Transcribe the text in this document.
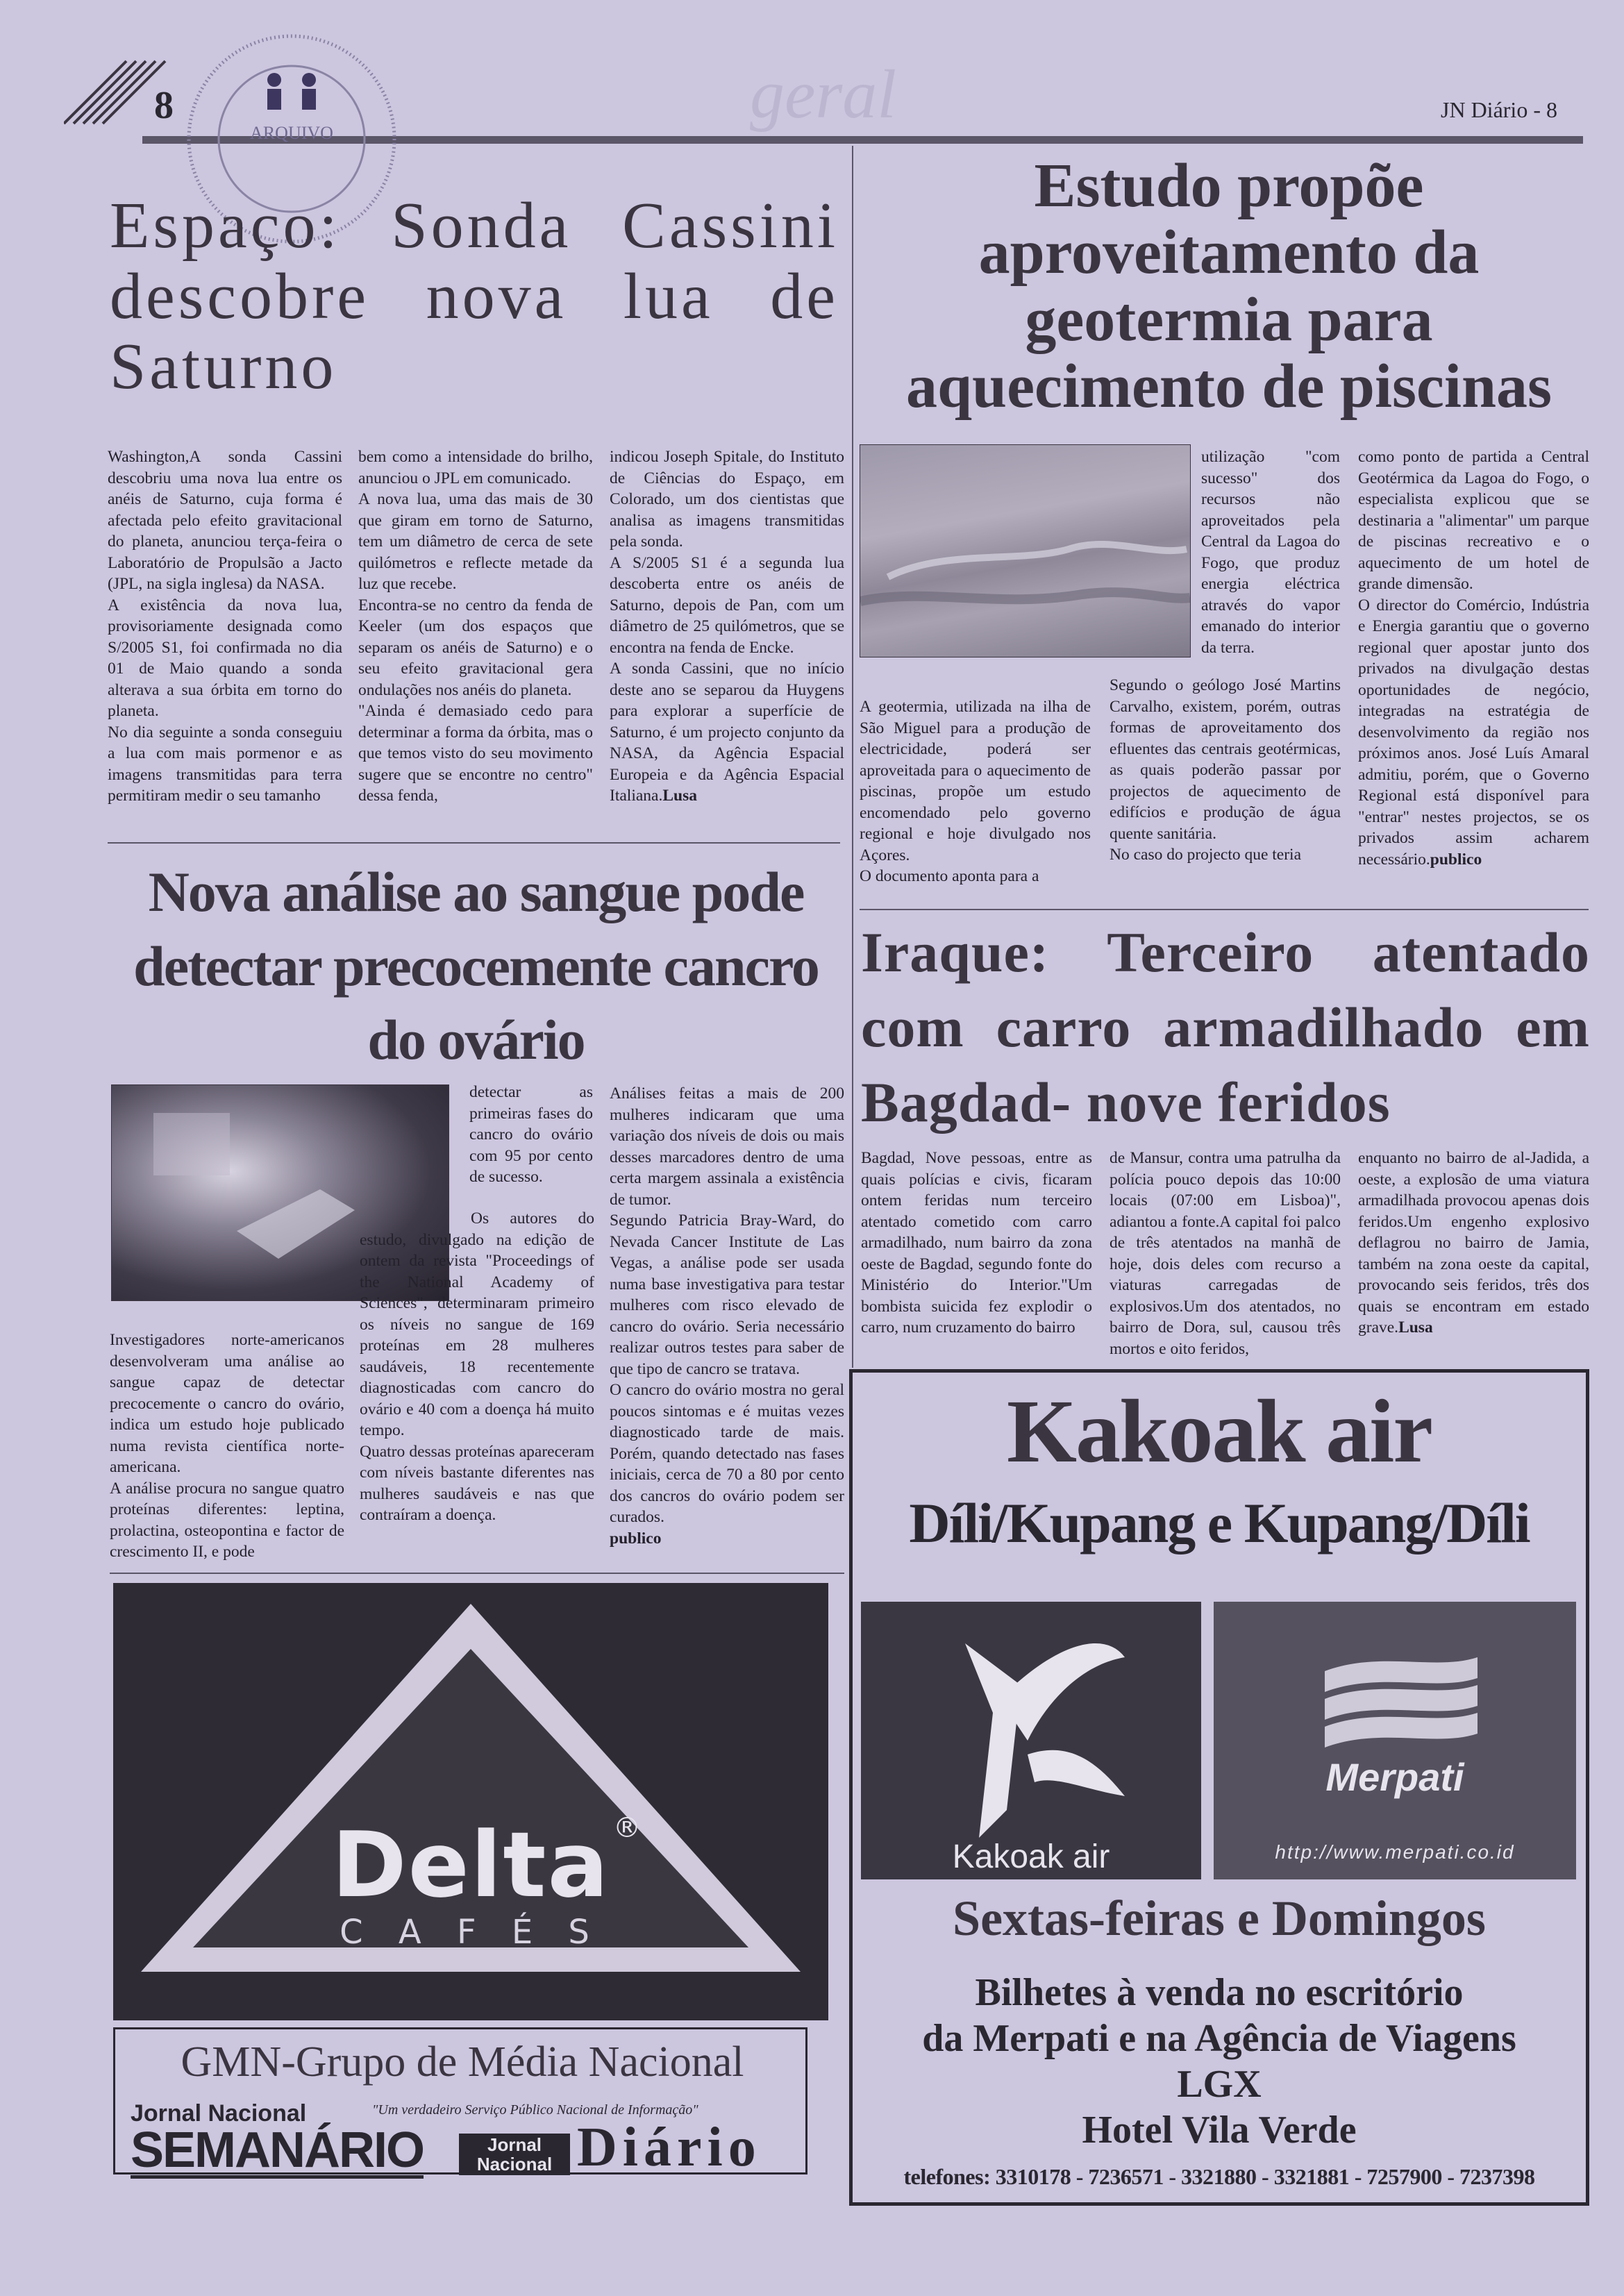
8	geral	JN Diário - 8
ARQUIVO
Espaço: Sonda Cassini descobre nova lua de Saturno

Washington,A sonda Cassini descobriu uma nova lua entre os anéis de Saturno, cuja forma é afectada pelo efeito gravitacional do planeta, anunciou terça-feira o Laboratório de Propulsão a Jacto (JPL, na sigla inglesa) da NASA.

A existência da nova lua, provisoriamente designada como S/2005 S1, foi confirmada no dia 01 de Maio quando a sonda alterava a sua órbita em torno do planeta.

No dia seguinte a sonda conseguiu a lua com mais pormenor e as imagens transmitidas para terra permitiram medir o seu tamanho

bem como a intensidade do brilho, anunciou o JPL em comunicado.

A nova lua, uma das mais de 30 que giram em torno de Saturno, tem um diâmetro de cerca de sete quilómetros e reflecte metade da luz que recebe.

Encontra-se no centro da fenda de Keeler (um dos espaços que separam os anéis de Saturno) e o seu efeito gravitacional gera ondulações nos anéis do planeta.

"Ainda é demasiado cedo para determinar a forma da órbita, mas o que temos visto do seu movimento sugere que se encontre no centro" dessa fenda,

indicou Joseph Spitale, do Instituto de Ciências do Espaço, em Colorado, um dos cientistas que analisa as imagens transmitidas pela sonda.

A S/2005 S1 é a segunda lua descoberta entre os anéis de Saturno, depois de Pan, com um diâmetro de 25 quilómetros, que se encontra na fenda de Encke.

A sonda Cassini, que no início deste ano se separou da Huygens para explorar a superfície de Saturno, é um projecto conjunto da NASA, da Agência Espacial Europeia e da Agência Espacial Italiana.Lusa

Estudo propõe aproveitamento da geotermia para aquecimento de piscinas

A geotermia, utilizada na ilha de São Miguel para a produção de electricidade, poderá ser aproveitada para o aquecimento de piscinas, propõe um estudo encomendado pelo governo regional e hoje divulgado nos Açores.

O documento aponta para a

utilização "com sucesso" dos recursos não aproveitados pela Central da Lagoa do Fogo, que produz energia eléctrica através do vapor emanado do interior da terra.

Segundo o geólogo José Martins Carvalho, existem, porém, outras formas de aproveitamento dos efluentes das centrais geotérmicas, as quais poderão passar por projectos de aquecimento de edifícios e produção de água quente sanitária.

No caso do projecto que teria

como ponto de partida a Central Geotérmica da Lagoa do Fogo, o especialista explicou que se destinaria a "alimentar" um parque de piscinas recreativo e o aquecimento de um hotel de grande dimensão.

O director do Comércio, Indústria e Energia garantiu que o governo regional quer apostar junto dos privados na divulgação destas oportunidades de negócio, integradas na estratégia de desenvolvimento da região nos próximos anos. José Luís Amaral admitiu, porém, que o Governo Regional está disponível para "entrar" nestes projectos, se os privados assim acharem necessário.publico

Nova análise ao sangue pode detectar precocemente cancro do ovário

Investigadores norte-americanos desenvolveram uma análise ao sangue capaz de detectar precocemente o cancro do ovário, indica um estudo hoje publicado numa revista científica norte-americana.

A análise procura no sangue quatro proteínas diferentes: leptina, prolactina, osteopontina e factor de crescimento II, e pode

detectar as primeiras fases do cancro do ovário com 95 por cento de sucesso.

Os autores do estudo, divulgado na edição de ontem da revista "Proceedings of the National Academy of Sciences", determinaram primeiro os níveis no sangue de 169 proteínas em 28 mulheres saudáveis, 18 recentemente diagnosticadas com cancro do ovário e 40 com a doença há muito tempo.

Quatro dessas proteínas apareceram com níveis bastante diferentes nas mulheres saudáveis e nas que contraíram a doença.

Análises feitas a mais de 200 mulheres indicaram que uma variação dos níveis de dois ou mais desses marcadores dentro de uma certa margem assinala a existência de tumor.

Segundo Patricia Bray-Ward, do Nevada Cancer Institute de Las Vegas, a análise pode ser usada numa base investigativa para testar mulheres com risco elevado de cancro do ovário. Seria necessário realizar outros testes para saber de que tipo de cancro se tratava.

O cancro do ovário mostra no geral poucos sintomas e é muitas vezes diagnosticado tarde de mais. Porém, quando detectado nas fases iniciais, cerca de 70 a 80 por cento dos cancros do ovário podem ser curados.

publico

Iraque: Terceiro atentado com carro armadilhado em Bagdad- nove feridos

Bagdad, Nove pessoas, entre as quais polícias e civis, ficaram ontem feridas num terceiro atentado cometido com carro armadilhado, num bairro da zona oeste de Bagdad, segundo fonte do Ministério do Interior."Um bombista suicida fez explodir o carro, num cruzamento do bairro

de Mansur, contra uma patrulha da polícia pouco depois das 10:00 locais (07:00 em Lisboa)", adiantou a fonte.A capital foi palco de três atentados na manhã de hoje, dois deles com recurso a viaturas carregadas de explosivos.Um dos atentados, no bairro de Dora, sul, causou três mortos e oito feridos,

enquanto no bairro de al-Jadida, a oeste, a explosão de uma viatura armadilhada provocou apenas dois feridos.Um engenho explosivo deflagrou no bairro de Jamia, também na zona oeste da capital, provocando seis feridos, três dos quais se encontram em estado grave.Lusa

Delta ®
C A F É S
GMN-Grupo de Média Nacional
Jornal Nacional	"Um verdadeiro Serviço Público Nacional de Informação"
SEMANÁRIO	Jornal Nacional Diário
Kakoak air
Díli/Kupang e Kupang/Díli
Kakoak air
Merpati
http://www.merpati.co.id
Sextas-feiras e Domingos
Bilhetes à venda no escritório
da Merpati e na Agência de Viagens
LGX
Hotel Vila Verde
telefones: 3310178 - 7236571 - 3321880 - 3321881 - 7257900 - 7237398
